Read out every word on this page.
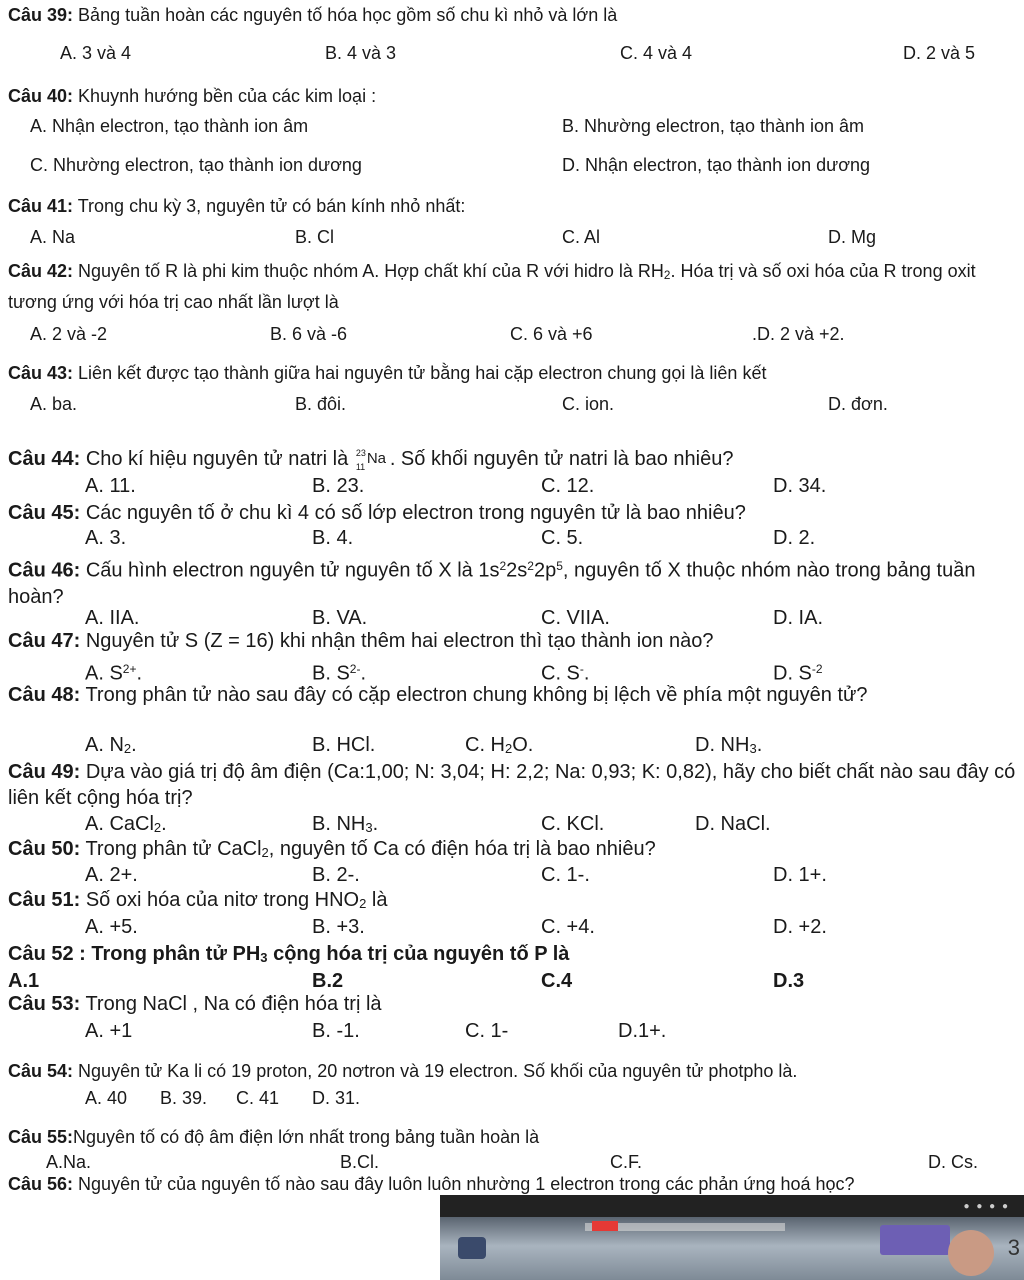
Câu 39: Bảng tuần hoàn các nguyên tố hóa học gồm số chu kì nhỏ và lớn là
A. 3 và 4	B. 4 và 3	C. 4 và 4	D. 2 và 5
Câu 40: Khuynh hướng bền của các kim loại :
A. Nhận electron, tạo thành ion âm	B. Nhường electron, tạo thành ion âm
C. Nhường electron, tạo thành ion dương	D. Nhận electron, tạo thành ion dương
Câu 41: Trong chu kỳ 3, nguyên tử có bán kính nhỏ nhất:
A. Na	B. Cl	C. Al	D. Mg
Câu 42: Nguyên tố R là phi kim thuộc nhóm A. Hợp chất khí của R với hidro là RH2. Hóa trị và số oxi hóa của R trong oxit tương ứng với hóa trị cao nhất lần lượt là
A. 2 và -2	B. 6 và -6	C. 6 và +6	.D. 2 và +2.
Câu 43: Liên kết được tạo thành giữa hai nguyên tử bằng hai cặp electron chung gọi là liên kết
A. ba.	B. đôi.	C. ion.	D. đơn.
Câu 44: Cho kí hiệu nguyên tử natri là 23
11 Na . Số khối nguyên tử natri là bao nhiêu?
A. 11.	B. 23.	C. 12.	D. 34.
Câu 45: Các nguyên tố ở chu kì 4 có số lớp electron trong nguyên tử là bao nhiêu?
A. 3.	B. 4.	C. 5.	D. 2.
Câu 46: Cấu hình electron nguyên tử nguyên tố X là $1s^22s^22p^5$, nguyên tố X thuộc nhóm nào trong bảng tuần hoàn?
A. IIA.	B. VA.	C. VIIA.	D. IA.
Câu 47: Nguyên tử S (Z = 16) khi nhận thêm hai electron thì tạo thành ion nào?
A. $S^{2+}$.	B. $S^{2-}$.	C. S-.	D. $S^{-2}$
Câu 48: Trong phân tử nào sau đây có cặp electron chung không bị lệch về phía một nguyên tử?
A. N2.	B. HCl.	C. H2O.	D. NH3.
Câu 49: Dựa vào giá trị độ âm điện (Ca:1,00; N: 3,04; H: 2,2; Na: 0,93; K: 0,82), hãy cho biết chất nào sau đây có liên kết cộng hóa trị?
A. CaCl2.	B. NH3.	C. KCl.	D. NaCl.
Câu 50: Trong phân tử CaCl2, nguyên tố Ca có điện hóa trị là bao nhiêu?
A. 2+.	B. 2-.	C. 1-.	D. 1+.
Câu 51: Số oxi hóa của nitơ trong HNO2 là
A. +5.	B. +3.	C. +4.	D. +2.
Câu 52 : Trong phân tử PH3 cộng hóa trị của nguyên tố P là
A.1	B.2	C.4	D.3
Câu 53: Trong NaCl , Na có điện hóa trị là
A. +1	B. -1.	C. 1-	D.1+.
Câu 54: Nguyên tử Ka li có 19 proton, 20 nơtron và 19 electron. Số khối của nguyên tử photpho là.
A. 40 B. 39. C. 41 D. 31.
Câu 55:Nguyên tố có độ âm điện lớn nhất trong bảng tuần hoàn là
A.Na.	B.Cl.	C.F.	D. Cs.
Câu 56: Nguyên tử của nguyên tố nào sau đây luôn luôn nhường 1 electron trong các phản ứng hoá học?
● ● ● ●
3
